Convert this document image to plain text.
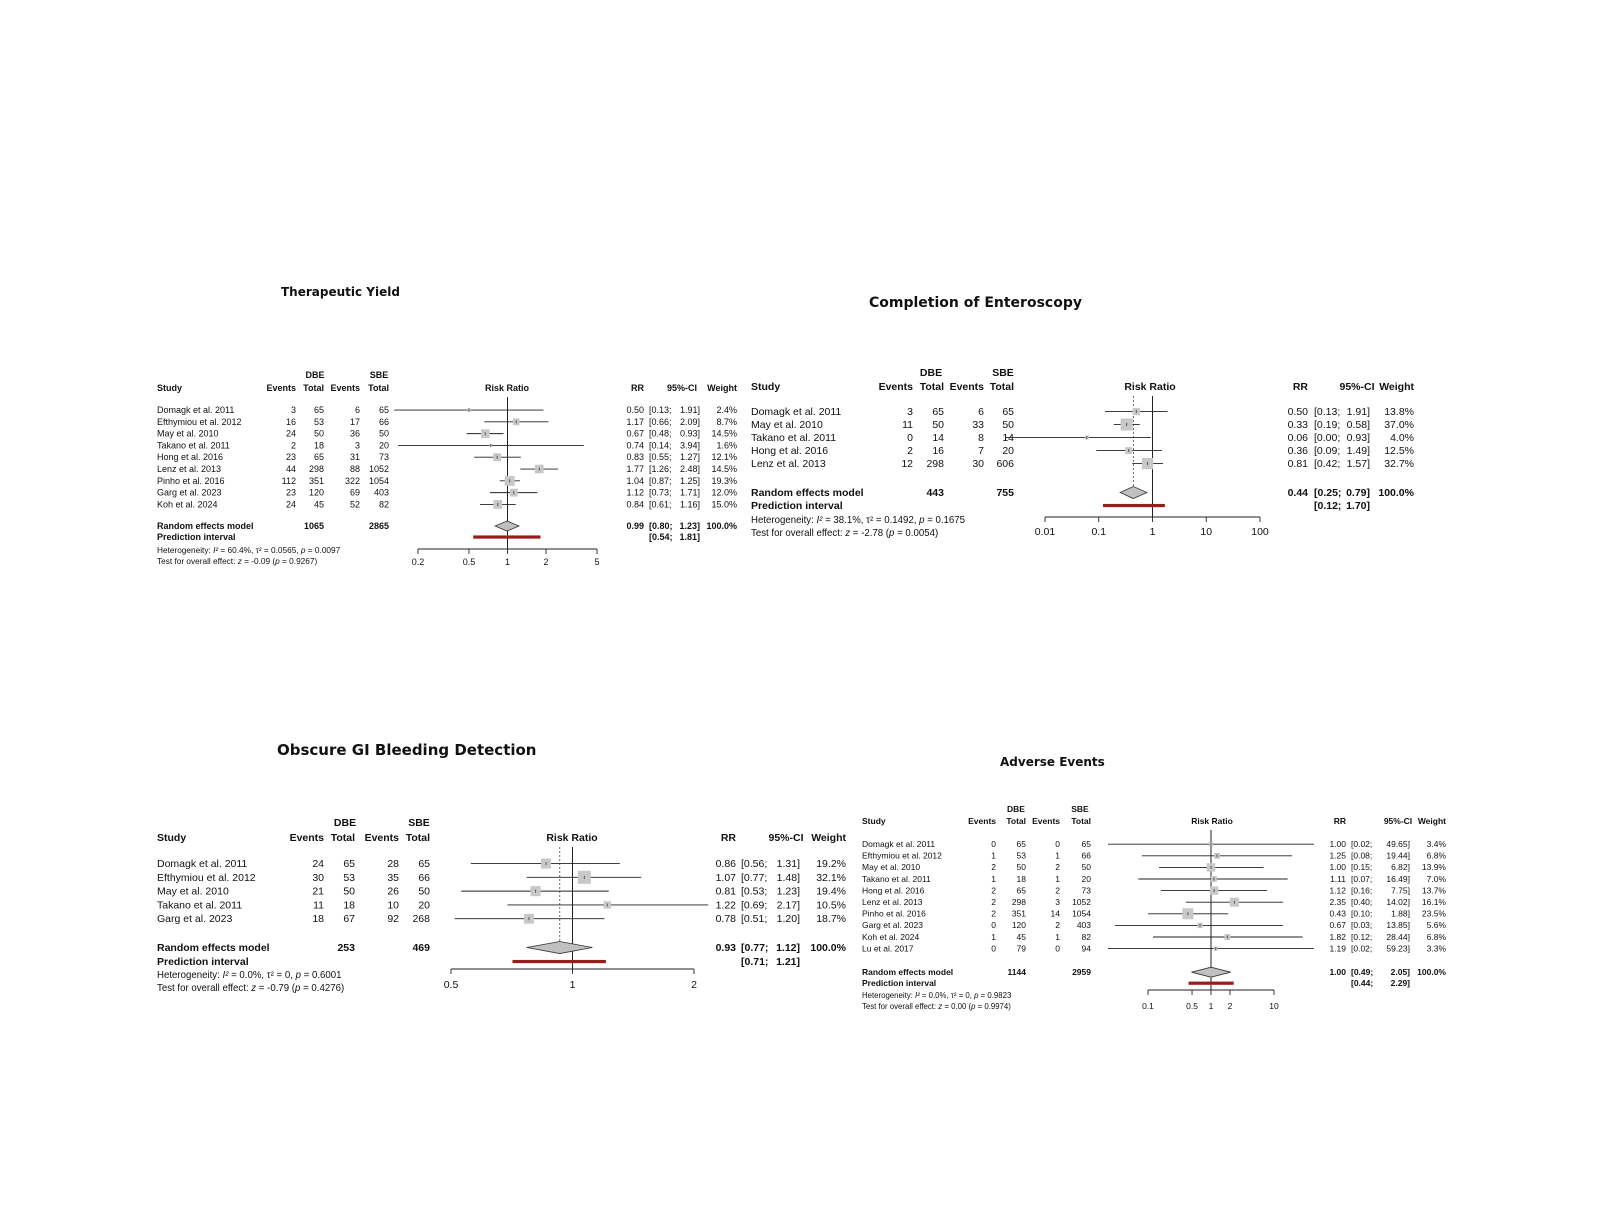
Therapeutic Yield
Completion of Enteroscopy
Obscure GI Bleeding Detection
Adverse Events
DBE	SBE
Study	Events Total Events Total	Risk Ratio	RR	95%-CI Weight
Domagk et al. 2011	3 65	6 65	0.50 [0.13; 1.91] 2.4%
Efthymiou et al. 2012	16 53	17 66	1.17 [0.66; 2.09] 8.7%
May et al. 2010	24 50	36 50	0.67 [0.48; 0.93] 14.5%
Takano et al. 2011	2 18	3 20	0.74 [0.14; 3.94] 1.6%
Hong et al. 2016	23 65	31 73	0.83 [0.55; 1.27] 12.1%
Lenz et al. 2013	44 298	88 1052	1.77 [1.26; 2.48] 14.5%
Pinho et al. 2016	112 351 322 1054	1.04 [0.87; 1.25] 19.3%
Garg et al. 2023	23 120	69 403	1.12 [0.73; 1.71] 12.0%
Koh et al. 2024	24 45	52 82	0.84 [0.61; 1.16] 15.0%
Random effects model	1065	2865	0.99 [0.80; 1.23] 100.0%
Prediction interval	[0.54; 1.81]
Heterogeneity: I² = 60.4%, τ² = 0.0565, p = 0.0097
Test for overall effect: z = -0.09 (p = 0.9267)	0.2	0.5	1	2	5
DBE	SBE
Study	Events Total Events Total	Risk Ratio	RR	95%-CI Weight
Domagk et al. 2011	3 65	6 65	0.50 [0.13; 1.91] 13.8%
May et al. 2010	11 50	33 50	0.33 [0.19; 0.58] 37.0%
Takano et al. 2011	0 14	8 14	0.06 [0.00; 0.93] 4.0%
Hong et al. 2016	2 16	7 20	0.36 [0.09; 1.49] 12.5%
Lenz et al. 2013	12 298	30 606	0.81 [0.42; 1.57] 32.7%
Random effects model	443	755	0.44 [0.25; 0.79] 100.0%
Prediction interval	[0.12; 1.70]
Heterogeneity: I² = 38.1%, τ² = 0.1492, p = 0.1675
Test for overall effect: z = -2.78 (p = 0.0054)	0.01	0.1	1	10	100
DBE	SBE
Study	Events Total Events Total	Risk Ratio	RR	95%-CI Weight
Domagk et al. 2011	24 65	28 65	0.86 [0.56; 1.31] 19.2%
Efthymiou et al. 2012	30 53	35 66	1.07 [0.77; 1.48] 32.1%
May et al. 2010	21 50	26 50	0.81 [0.53; 1.23] 19.4%
Takano et al. 2011	11 18	10 20	1.22 [0.69; 2.17] 10.5%
Garg et al. 2023	18 67	92 268	0.78 [0.51; 1.20] 18.7%
Random effects model	253	469	0.93 [0.77; 1.12] 100.0%
Prediction interval	[0.71; 1.21]
Heterogeneity: I² = 0.0%, τ² = 0, p = 0.6001
Test for overall effect: z = -0.79 (p = 0.4276)	0.5	1	2
DBE	SBE
Study	Events Total Events Total	Risk Ratio	RR	95%-CI Weight
Domagk et al. 2011	0 65	0	65	1.00 [0.02; 49.65] 3.4%
Efthymiou et al. 2012	1 53	1	66	1.25 [0.08; 19.44] 6.8%
May et al. 2010	2 50	2	50	1.00 [0.15; 6.82] 13.9%
Takano et al. 2011	1 18	1	20	1.11 [0.07; 16.49] 7.0%
Hong et al. 2016	2 65	2	73	1.12 [0.16; 7.75] 13.7%
Lenz et al. 2013	2 298	3 1052	2.35 [0.40; 14.02] 16.1%
Pinho et al. 2016	2 351	14 1054	0.43 [0.10; 1.88] 23.5%
Garg et al. 2023	0 120	2 403	0.67 [0.03; 13.85] 5.6%
Koh et al. 2024	1 45	1	82	1.82 [0.12; 28.44] 6.8%
Lu et al. 2017	0 79	0	94	1.19 [0.02; 59.23] 3.3%
Random effects model	1144	2959	1.00 [0.49; 2.05] 100.0%
Prediction interval	[0.44; 2.29]
Heterogeneity: I² = 0.0%, τ² = 0, p = 0.9823
Test for overall effect: z = 0.00 (p = 0.9974)	0.1	0.5 1 2	10
